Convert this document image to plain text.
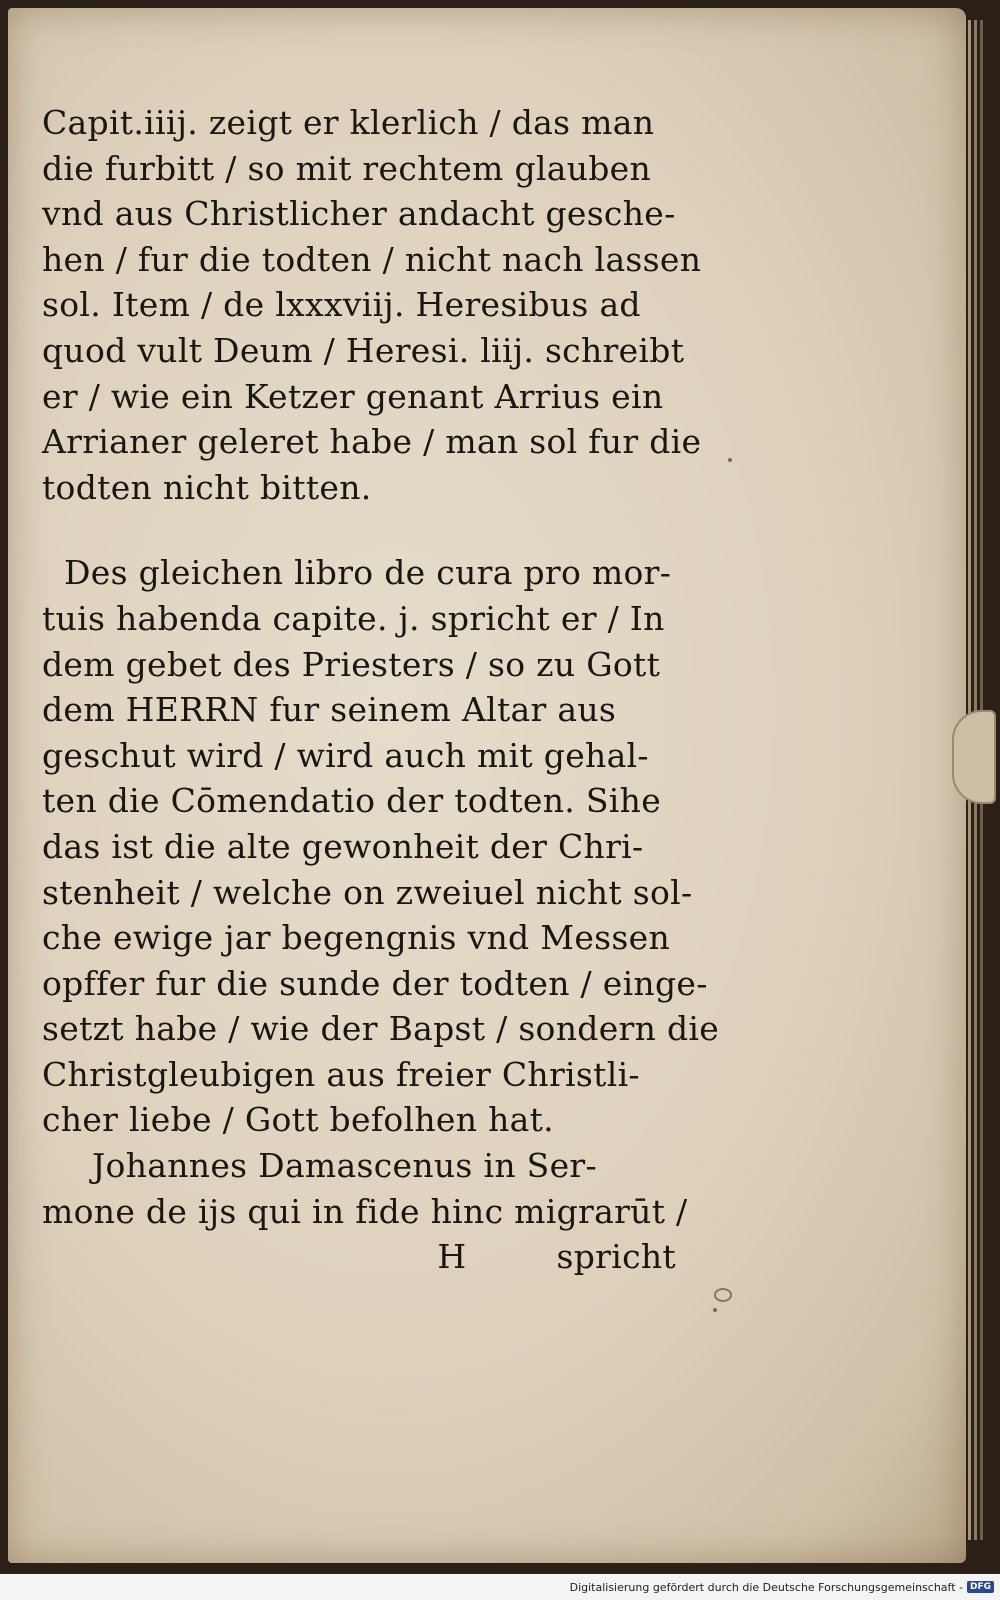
Capit.iiij. zeigt er klerlich / das man
die furbitt / so mit rechtem glauben
vnd aus Christlicher andacht gesche-
hen / fur die todten / nicht nach lassen
sol. Item / de lxxxviij. Heresibus ad
quod vult Deum / Heresi. liij. schreibt
er / wie ein Ketzer genant Arrius ein
Arrianer geleret habe / man sol fur die
todten nicht bitten.
Des gleichen libro de cura pro mor-
tuis habenda capite. j. spricht er / In
dem gebet des Priesters / so zu Gott
dem HERRN fur seinem Altar aus
geschut wird / wird auch mit gehal-
ten die Cōmendatio der todten. Sihe
das ist die alte gewonheit der Chri-
stenheit / welche on zweiuel nicht sol-
che ewige jar begengnis vnd Messen
opffer fur die sunde der todten / einge-
setzt habe / wie der Bapst / sondern die
Christgleubigen aus freier Christli-
cher liebe / Gott befolhen hat.
Johannes Damascenus in Ser-
mone de ijs qui in fide hinc migrarūt /
H	spricht
Digitalisierung gefördert durch die Deutsche Forschungsgemeinschaft - DFG
